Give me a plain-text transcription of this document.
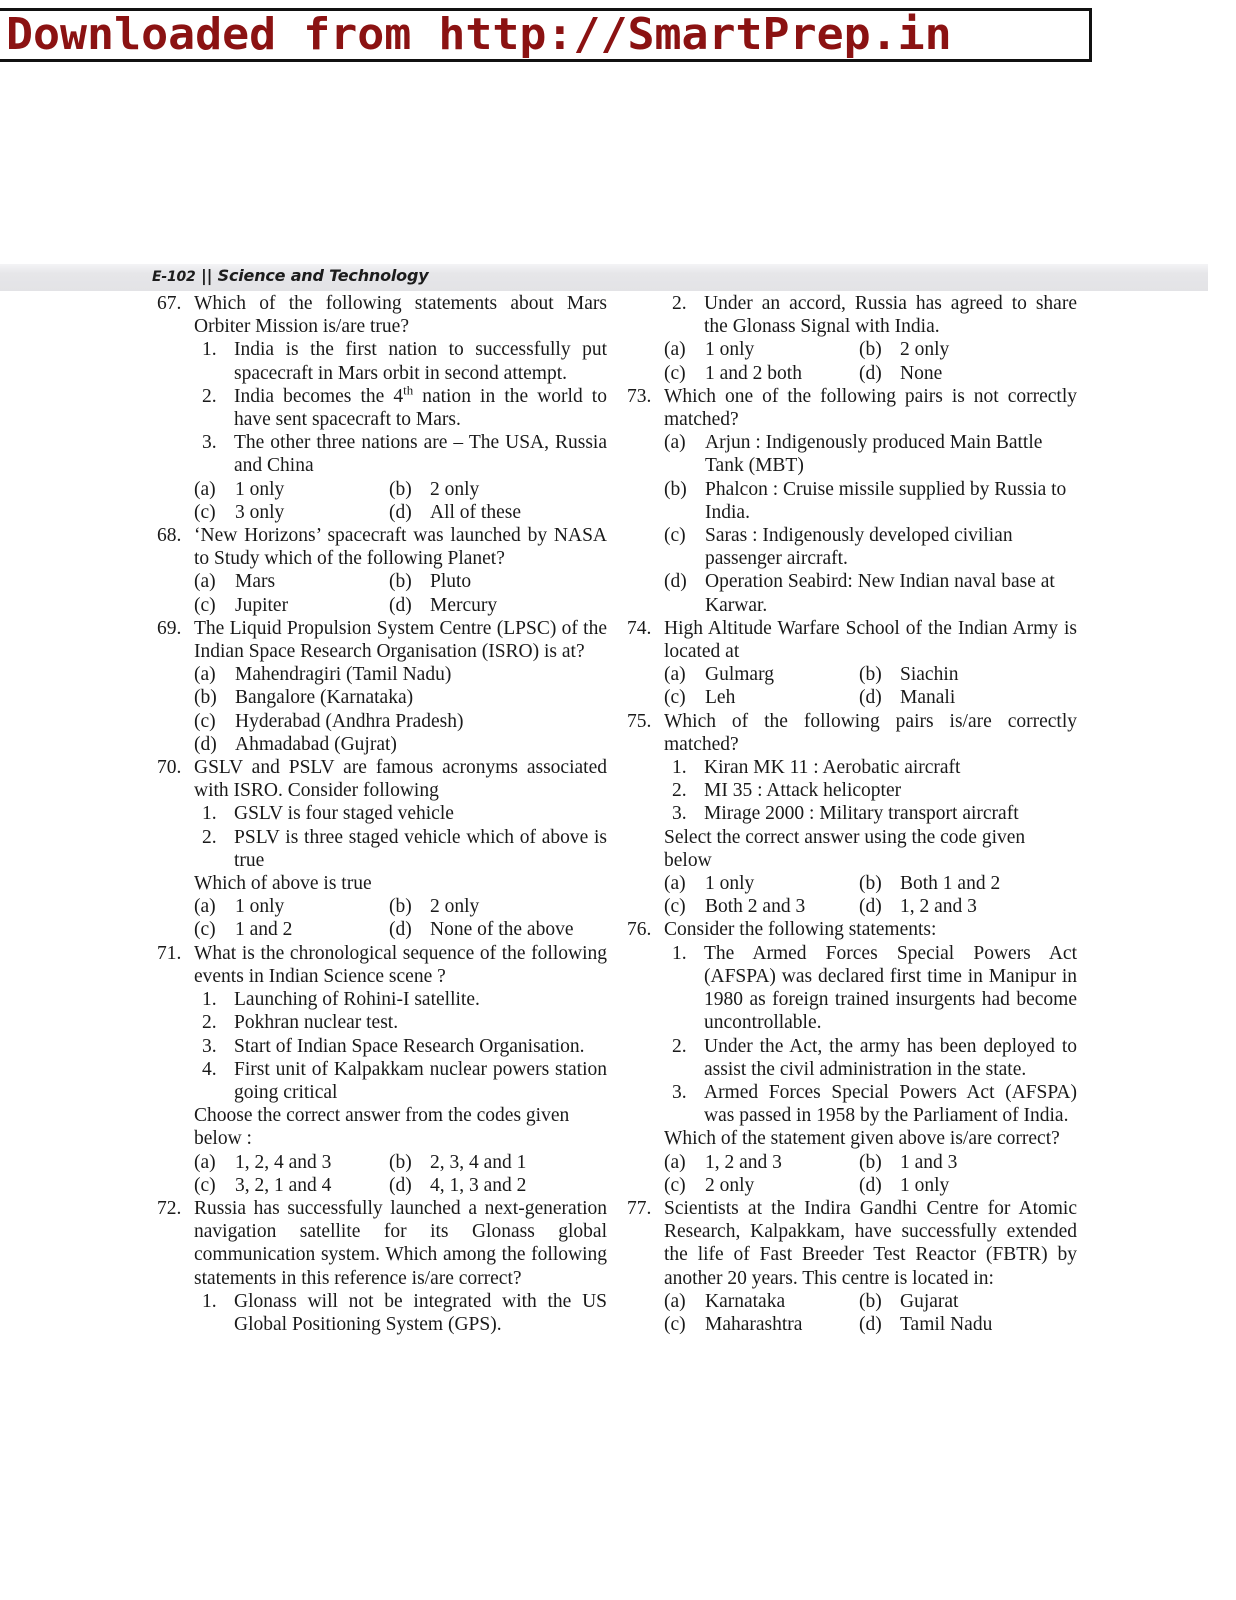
Downloaded from http://SmartPrep.in
E-102 || Science and Technology
67. Which of the following statements about Mars Orbiter Mission is/are true?
1. India is the first nation to successfully put spacecraft in Mars orbit in second attempt.
2. India becomes the 4th nation in the world to have sent spacecraft to Mars.
3. The other three nations are – The USA, Russia and China
(a) 1 only	(b) 2 only
(c) 3 only	(d) All of these
68. ‘New Horizons’ spacecraft was launched by NASA to Study which of the following Planet?
(a) Mars	(b) Pluto
(c) Jupiter	(d) Mercury
69. The Liquid Propulsion System Centre (LPSC) of the Indian Space Research Organisation (ISRO) is at?
(a) Mahendragiri (Tamil Nadu)
(b) Bangalore (Karnataka)
(c) Hyderabad (Andhra Pradesh)
(d) Ahmadabad (Gujrat)
70. GSLV and PSLV are famous acronyms associated with ISRO. Consider following
1. GSLV is four staged vehicle
2. PSLV is three staged vehicle which of above is true
Which of above is true
(a) 1 only	(b) 2 only
(c) 1 and 2	(d) None of the above
71. What is the chronological sequence of the following events in Indian Science scene ?
1. Launching of Rohini-I satellite.
2. Pokhran nuclear test.
3. Start of Indian Space Research Organisation.
4. First unit of Kalpakkam nuclear powers station going critical
Choose the correct answer from the codes given below :
(a) 1, 2, 4 and 3	(b) 2, 3, 4 and 1
(c) 3, 2, 1 and 4	(d) 4, 1, 3 and 2
72. Russia has successfully launched a next-generation navigation satellite for its Glonass global communication system. Which among the following statements in this reference is/are correct?
1. Glonass will not be integrated with the US Global Positioning System (GPS).
2. Under an accord, Russia has agreed to share the Glonass Signal with India.
(a) 1 only	(b) 2 only
(c) 1 and 2 both	(d) None
73. Which one of the following pairs is not correctly matched?
(a) Arjun : Indigenously produced Main Battle Tank (MBT)
(b) Phalcon : Cruise missile supplied by Russia to India.
(c) Saras : Indigenously developed civilian passenger aircraft.
(d) Operation Seabird: New Indian naval base at Karwar.
74. High Altitude Warfare School of the Indian Army is located at
(a) Gulmarg	(b) Siachin
(c) Leh	(d) Manali
75. Which of the following pairs is/are correctly matched?
1. Kiran MK 11 : Aerobatic aircraft
2. MI 35 : Attack helicopter
3. Mirage 2000 : Military transport aircraft
Select the correct answer using the code given below
(a) 1 only	(b) Both 1 and 2
(c) Both 2 and 3	(d) 1, 2 and 3
76. Consider the following statements:
1. The Armed Forces Special Powers Act (AFSPA) was declared first time in Manipur in 1980 as foreign trained insurgents had become uncontrollable.
2. Under the Act, the army has been deployed to assist the civil administration in the state.
3. Armed Forces Special Powers Act (AFSPA) was passed in 1958 by the Parliament of India.
Which of the statement given above is/are correct?
(a) 1, 2 and 3	(b) 1 and 3
(c) 2 only	(d) 1 only
77. Scientists at the Indira Gandhi Centre for Atomic Research, Kalpakkam, have successfully extended the life of Fast Breeder Test Reactor (FBTR) by another 20 years. This centre is located in:
(a) Karnataka	(b) Gujarat
(c) Maharashtra	(d) Tamil Nadu
